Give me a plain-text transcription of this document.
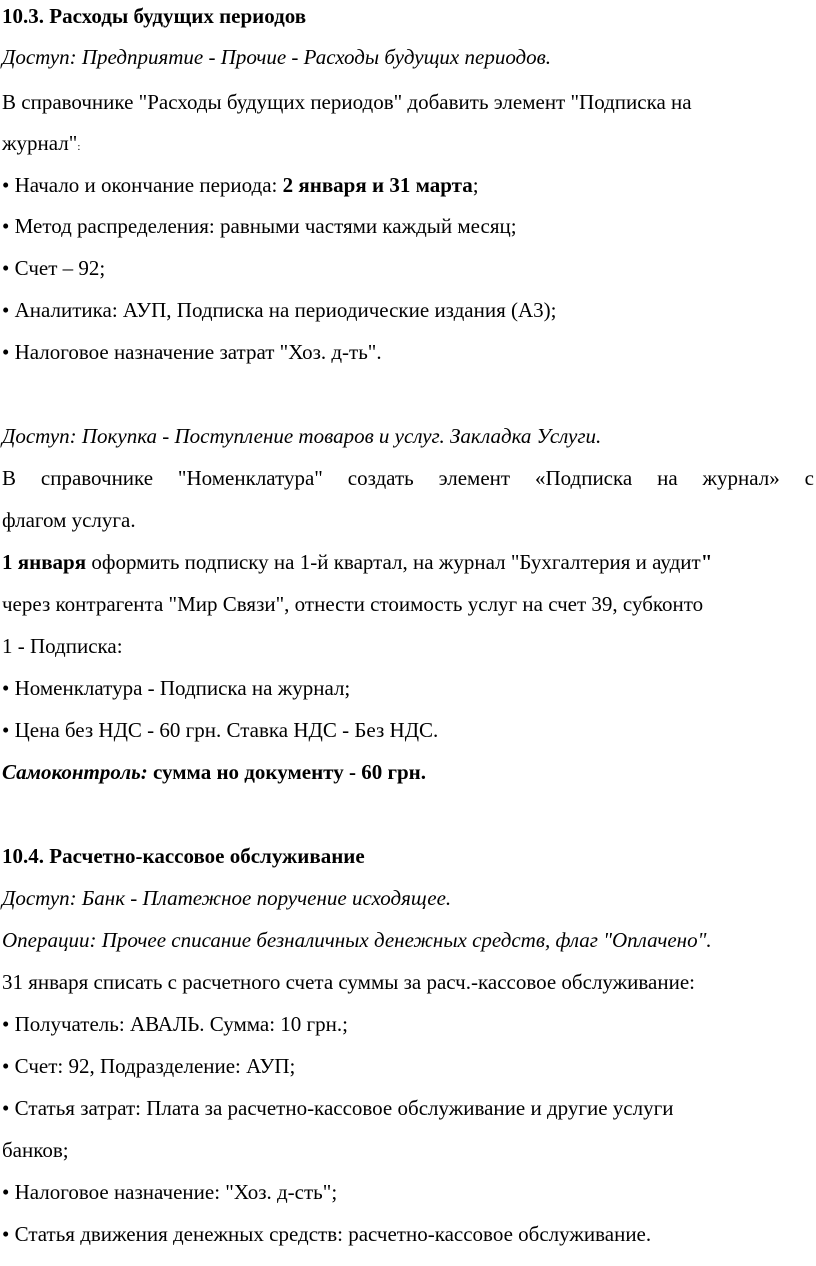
10.3. Расходы будущих периодов
Доступ: Предприятие - Прочие - Расходы будущих периодов.
В справочнике "Расходы будущих периодов" добавить элемент "Подписка на
журнал":
• Начало и окончание периода: 2 января и 31 марта;
• Метод распределения: равными частями каждый месяц;
• Счет – 92;
• Аналитика: АУП, Подписка на периодические издания (А3);
• Налоговое назначение затрат "Хоз. д-ть".
Доступ: Покупка - Поступление товаров и услуг. Закладка Услуги.
В справочнике "Номенклатура" создать элемент «Подписка на журнал» с
флагом услуга.
1 января оформить подписку на 1-й квартал, на журнал "Бухгалтерия и аудит"
через контрагента "Мир Связи", отнести стоимость услуг на счет 39, субконто
1 - Подписка:
• Номенклатура - Подписка на журнал;
• Цена без НДС - 60 грн. Ставка НДС - Без НДС.
Самоконтроль: сумма но документу - 60 грн.
10.4. Расчетно-кассовое обслуживание
Доступ: Банк - Платежное поручение исходящее.
Операции: Прочее списание безналичных денежных средств, флаг "Оплачено".
31 января списать с расчетного счета суммы за расч.-кассовое обслуживание:
• Получатель: АВАЛЬ. Сумма: 10 грн.;
• Счет: 92, Подразделение: АУП;
• Статья затрат: Плата за расчетно-кассовое обслуживание и другие услуги
банков;
• Налоговое назначение: "Хоз. д-сть";
• Статья движения денежных средств: расчетно-кассовое обслуживание.
